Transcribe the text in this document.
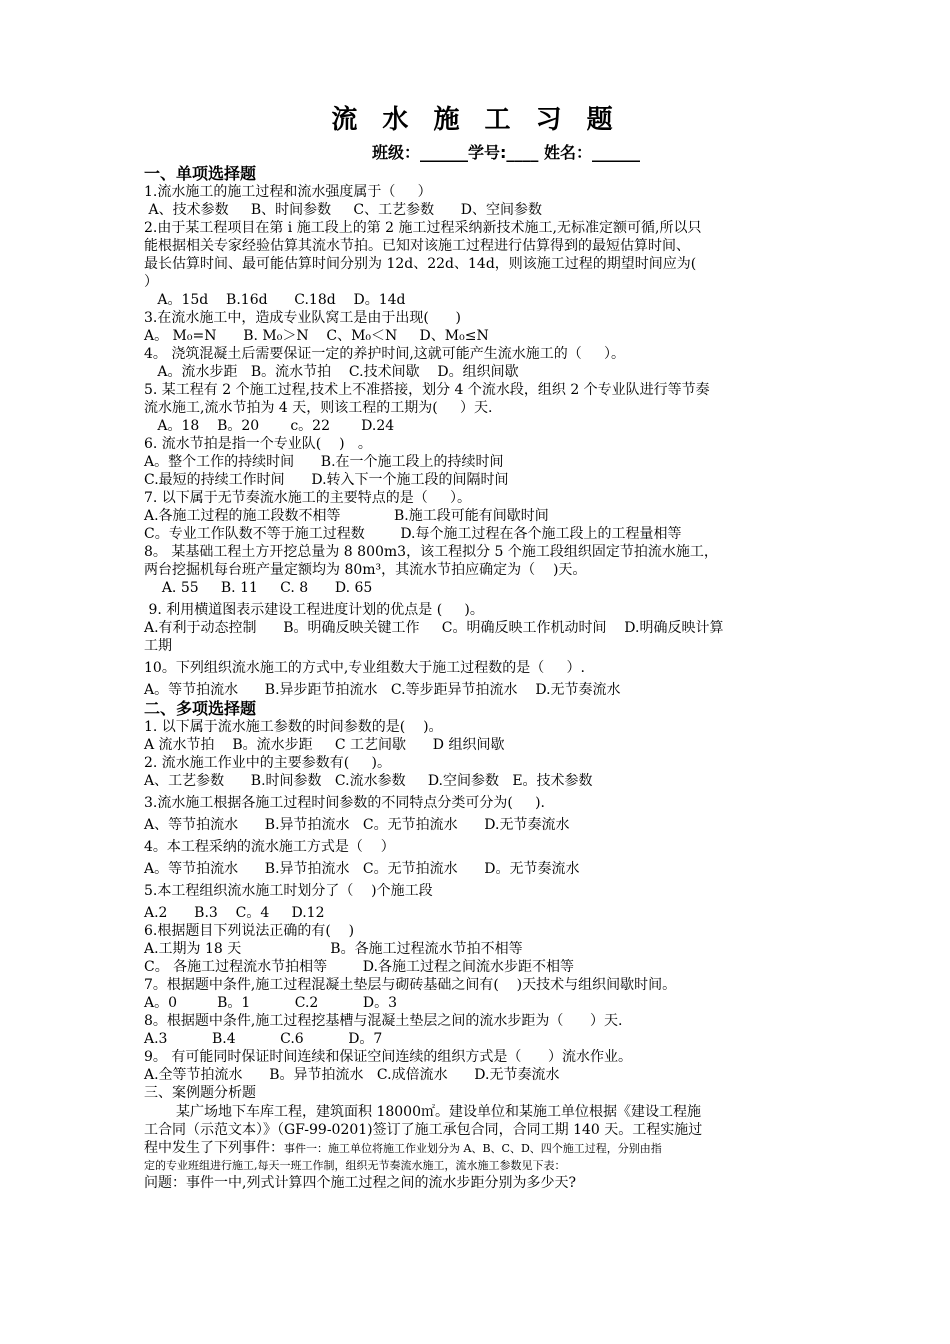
流 水 施 工 习 题
班级：______学号:____ 姓名：______
一、单项选择题
1.流水施工的施工过程和流水强度属于（     ）
A、技术参数     B、时间参数     C、工艺参数      D、空间参数
2.由于某工程项目在第 i 施工段上的第 2 施工过程采纳新技术施工,无标准定额可循,所以只
能根据相关专家经验估算其流水节拍。已知对该施工过程进行估算得到的最短估算时间、
最长估算时间、最可能估算时间分别为 12d、22d、14d，则该施工过程的期望时间应为(
）
A。15d    B.16d      C.18d    D。14d
3.在流水施工中，造成专业队窝工是由于出现(      )
A。 M₀=N      B. M₀＞N    C、M₀＜N     D、M₀≤N
4。 浇筑混凝土后需要保证一定的养护时间,这就可能产生流水施工的（     ）。
A。流水步距   B。流水节拍    C.技术间歇    D。组织间歇
5. 某工程有 2 个施工过程,技术上不准搭接，划分 4 个流水段，组织 2 个专业队进行等节奏
流水施工,流水节拍为 4 天，则该工程的工期为(     ）天.
A。18    B。20       c。22       D.24
6. 流水节拍是指一个专业队(    )   。
A。整个工作的持续时间      B.在一个施工段上的持续时间
C.最短的持续工作时间      D.转入下一个施工段的间隔时间
7. 以下属于无节奏流水施工的主要特点的是（     ）。
A.各施工过程的施工段数不相等            B.施工段可能有间歇时间
C。专业工作队数不等于施工过程数        D.每个施工过程在各个施工段上的工程量相等
8。 某基础工程土方开挖总量为 8 800m3，该工程拟分 5 个施工段组织固定节拍流水施工，
两台挖掘机每台班产量定额均为 80m³，其流水节拍应确定为（    )天。
A. 55     B. 11     C. 8      D. 65
9. 利用横道图表示建设工程进度计划的优点是 (     )。
A.有利于动态控制      B。明确反映关键工作     C。明确反映工作机动时间    D.明确反映计算
工期
10。下列组织流水施工的方式中,专业组数大于施工过程数的是（     ）.
A。等节拍流水      B.异步距节拍流水   C.等步距异节拍流水    D.无节奏流水
二、多项选择题
1. 以下属于流水施工参数的时间参数的是(    )。
A 流水节拍    B。流水步距     C 工艺间歇      D 组织间歇
2. 流水施工作业中的主要参数有(     )。
A、工艺参数      B.时间参数   C.流水参数     D.空间参数   E。技术参数
3.流水施工根据各施工过程时间参数的不同特点分类可分为(     ).
A、等节拍流水      B.异节拍流水   C。无节拍流水      D.无节奏流水
4。本工程采纳的流水施工方式是（    ）
A。等节拍流水      B.异节拍流水   C。无节拍流水      D。无节奏流水
5.本工程组织流水施工时划分了（    )个施工段
A.2      B.3    C。4     D.12
6.根据题目下列说法正确的有(    )
A.工期为 18 天                    B。各施工过程流水节拍不相等
C。 各施工过程流水节拍相等        D.各施工过程之间流水步距不相等
7。根据题中条件,施工过程混凝土垫层与砌砖基础之间有(    )天技术与组织间歇时间。
A。0         B。1          C.2          D。3
8。根据题中条件,施工过程挖基槽与混凝土垫层之间的流水步距为（      ）天.
A.3          B.4          C.6          D。7
9。 有可能同时保证时间连续和保证空间连续的组织方式是（      ）流水作业。
A.全等节拍流水      B。异节拍流水   C.成倍流水      D.无节奏流水
三、案例题分析题
某广场地下车库工程，建筑面积 18000㎡。建设单位和某施工单位根据《建设工程施
工合同（示范文本）》（GF-99-0201)签订了施工承包合同，合同工期 140 天。工程实施过
程中发生了下列事件：事件一：施工单位将施工作业划分为 A、B、C、D、四个施工过程，分别由指
定的专业班组进行施工,每天一班工作制，组织无节奏流水施工，流水施工参数见下表：
问题：事件一中,列式计算四个施工过程之间的流水步距分别为多少天?
